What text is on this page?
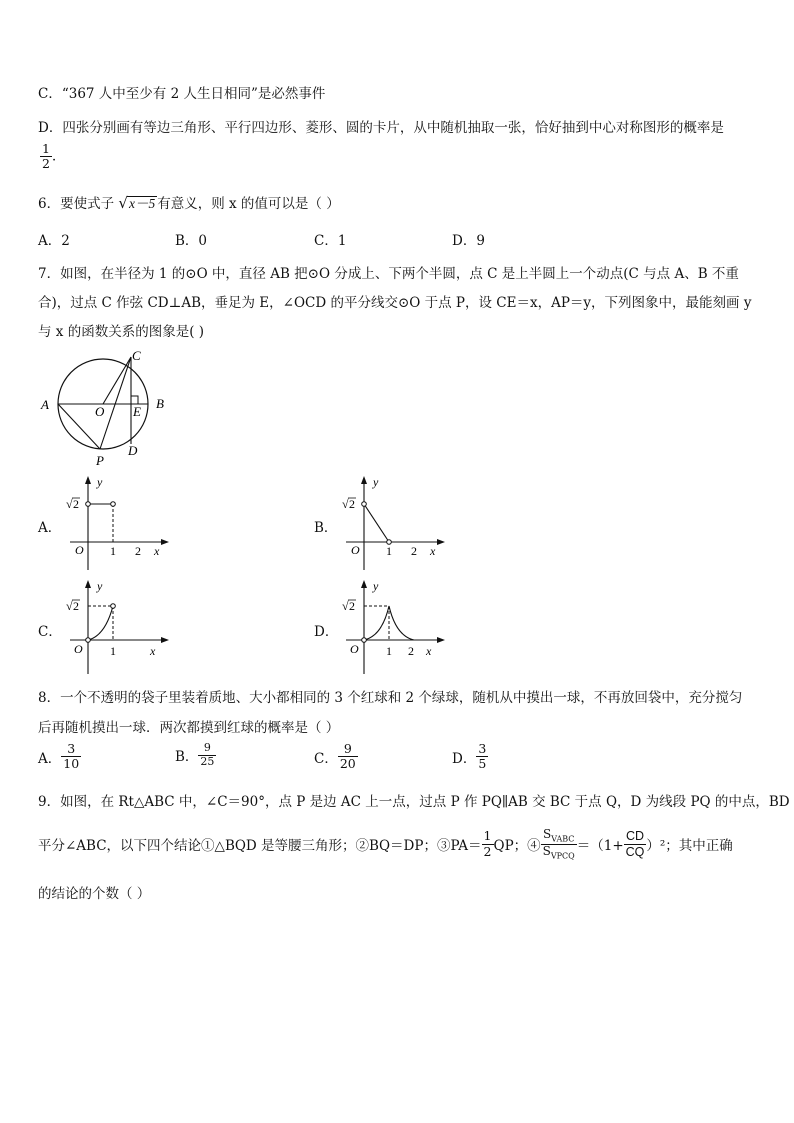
C．“367 人中至少有 2 人生日相同”是必然事件
D．四张分别画有等边三角形、平行四边形、菱形、圆的卡片，从中随机抽取一张，恰好抽到中心对称图形的概率是
$\frac{1}{2}$ ．
6．要使式子 √x－5 有意义，则 x 的值可以是（ ）
A．2	B．0	C．1	D．9
7．如图，在半径为 1 的⊙O 中，直径 AB 把⊙O 分成上、下两个半圆，点 C 是上半圆上一个动点(C 与点 A、B 不重
合)，过点 C 作弦 CD⊥AB，垂足为 E，∠OCD 的平分线交⊙O 于点 P，设 CE＝x，AP＝y，下列图象中，最能刻画 y
与 x 的函数关系的图象是( )
A	B
C
D
E
O
P
A．	B．
C．	D．
y
√ 2
O 1 2 x
y
√ 2
O 1 2 x
y
√ 2
O 1	x
y
√ 2
O 1 2 x
8．一个不透明的袋子里装着质地、大小都相同的 3 个红球和 2 个绿球，随机从中摸出一球，不再放回袋中，充分搅匀
后再随机摸出一球．两次都摸到红球的概率是（ ）
A． $\frac{3}{10}$	B． $\frac{9}{25}$	C． $\frac{9}{20}$	D． $\frac{3}{5}$
9．如图，在 Rt△ABC 中，∠C＝90°，点 P 是边 AC 上一点，过点 P 作 PQ∥AB 交 BC 于点 Q，D 为线段 PQ 的中点，BD
平分∠ABC，以下四个结论①△BQD 是等腰三角形；②BQ＝DP；③PA＝ $\frac{1}{2}$ QP；④ $\frac{S_{VABC}}{S_{VPCQ}} =(1+ \frac{CD}{CQ} )^2$；其中正确
的结论的个数（ ）
